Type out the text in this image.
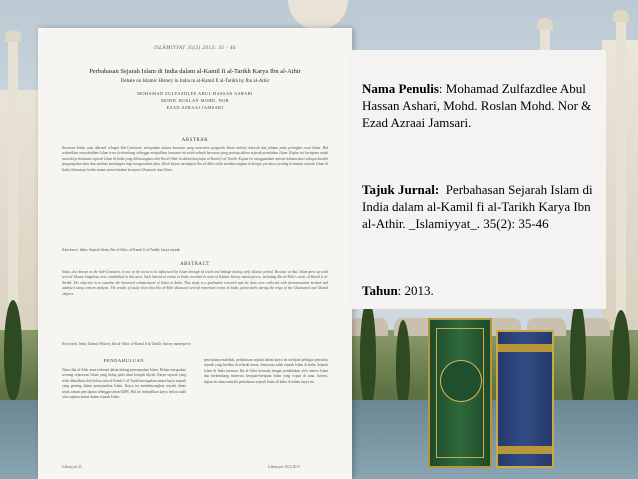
ISLĀMIYYAT 35(2) 2013: 35 - 46
Perbahasan Sejarah Islam di India dalam al-Kamil fi al-Tarikh Karya Ibn al-Athir
Debate on Islamic History in India in al-Kamil fi al-Tarikh by Ibn al-Athir
MOHAMAD ZULFAZDLEE ABUL HASSAN ASHARI
MOHD. ROSLAN MOHD. NOR
EZAD AZRAAI JAMSARI
ABSTRAK
Kawasan India, atau dikenali sebagai Sub-Continent, merupakan antara kawasan yang menerima pengaruh Islam melalui dakwah dan jalinan pada peringkat awal Islam. Hal sedemikian menyebabkan Islam terus berkembang sehingga menjadikan kawasan ini salah sebuah kawasan yang penting dalam sejarah peradaban Islam. Kajian ini bertujuan untuk meneliti perbahasan sejarah Islam di India yang dibincangkan oleh Ibn al-Athir di dalam karyanya al-Kamil fi al-Tarikh. Kajian ini menggunakan metode dokumentasi sebagai kaedah pengumpulan data dan analisis kandungan bagi menganalisis data. Hasil kajian mendapati Ibn al-Athir telah membincangkan beberapa peristiwa penting berkaitan sejarah Islam di India, khususnya ketika zaman pemerintahan kerajaan Ghaznawi dan Ghuri.
Kata kunci: India; Sejarah Islam; Ibn al-Athir; al-Kamil fi al-Tarikh; karya sejarah
ABSTRACT
India, also known as the Sub-Continent, is one of the areas to be influenced by Islam through its teach and linkage during early Islamic period. Because of that, Islam grew up until several Islamic kingdoms were established in this area. Such historical events in India recorded in most of Islamic history masterpieces, including Ibn al-Athir's work, al-Kamil fi al-Tarikh. The objective is to examine the historical enhancement of Islam in India. This study is a qualitative research and the data were collected with documentation method and analysed using content analysis. The results of study show that Ibn al-Athir discussed several important events in India, particularly during the reign of the Ghaznawid and Ghurid empires.
Keywords: India; Islamic History; Ibn al-Athir; al-Kamil fi al-Tarikh; history masterpiece
PENDAHULUAN
Nama Ibn al-Athir amat terkenal dalam bidang pensejarahan Islam. Beliau merupakan seorang sejarawan Islam yang hidup pada abad ketujuh hijrah. Karya sejarah yang telah dihasilkan oleh beliau iaitu al-Kamil fi al-Tarikh merupakan antara karya sejarah yang penting dalam pensejarahan Islam. Karya ini membincangkan sejarah dunia sejak zaman penciptaan sehingga tahun 628H. Hal ini menjadikan karya beliau salah satu rujukan utama dalam sejarah Islam.
pencipitaan makhluk, perbahasan sejarah dalam karya ini meliputi pelbagai peristiwa sejarah yang berlaku di seluruh dunia. Antaranya ialah sejarah Islam di India. Sejarah Islam di India menurut Ibn al-Athir bermula dengan penaklukan oleh tentera Islam dan berkembang menerusi kerajaan-kerajaan Islam yang wujud di sana. Justeru, kajian ini akan meneliti perbahasan sejarah Islam di India di dalam karya ini.
Islāmiyyat 35	Islāmiyyat 35(2) 2013
Nama Penulis: Mohamad Zulfazdlee Abul Hassan Ashari, Mohd. Roslan Mohd. Nor & Ezad Azraai Jamsari.
Tajuk Jurnal: Perbahasan Sejarah Islam di India dalam al-Kamil fi al-Tarikh Karya Ibn al-Athir. _Islamiyyat_. 35(2): 35-46
Tahun: 2013.
